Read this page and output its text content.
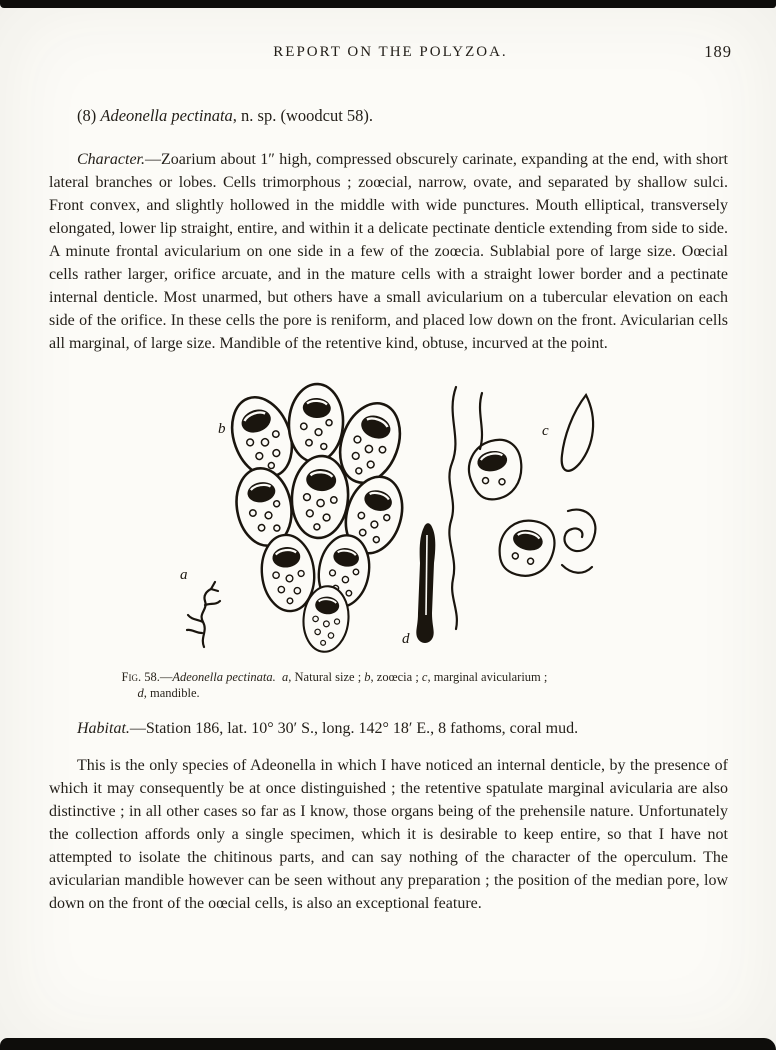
REPORT ON THE POLYZOA.	189

(8) Adeonella pectinata, n. sp. (woodcut 58).

Character.—Zoarium about 1″ high, compressed obscurely carinate, expanding at the end, with short lateral branches or lobes. Cells trimorphous ; zoœcial, narrow, ovate, and separated by shallow sulci. Front convex, and slightly hollowed in the middle with wide punctures. Mouth elliptical, transversely elongated, lower lip straight, entire, and within it a delicate pectinate denticle extending from side to side. A minute frontal avicularium on one side in a few of the zoœcia. Sublabial pore of large size. Oœcial cells rather larger, orifice arcuate, and in the mature cells with a straight lower border and a pectinate internal denticle. Most unarmed, but others have a small avicularium on a tubercular elevation on each side of the orifice. In these cells the pore is reniform, and placed low down on the front. Avicularian cells all marginal, of large size. Mandible of the retentive kind, obtuse, incurved at the point.

a
b	c
d
Fig. 58.—Adeonella pectinata. a, Natural size ; b, zoœcia ; c, marginal avicularium ;
d, mandible.

Habitat.—Station 186, lat. 10° 30′ S., long. 142° 18′ E., 8 fathoms, coral mud.

This is the only species of Adeonella in which I have noticed an internal denticle, by the presence of which it may consequently be at once distinguished ; the retentive spatulate marginal avicularia are also distinctive ; in all other cases so far as I know, those organs being of the prehensile nature. Unfortunately the collection affords only a single specimen, which it is desirable to keep entire, so that I have not attempted to isolate the chitinous parts, and can say nothing of the character of the operculum. The avicularian mandible however can be seen without any preparation ; the position of the median pore, low down on the front of the oœcial cells, is also an exceptional feature.
